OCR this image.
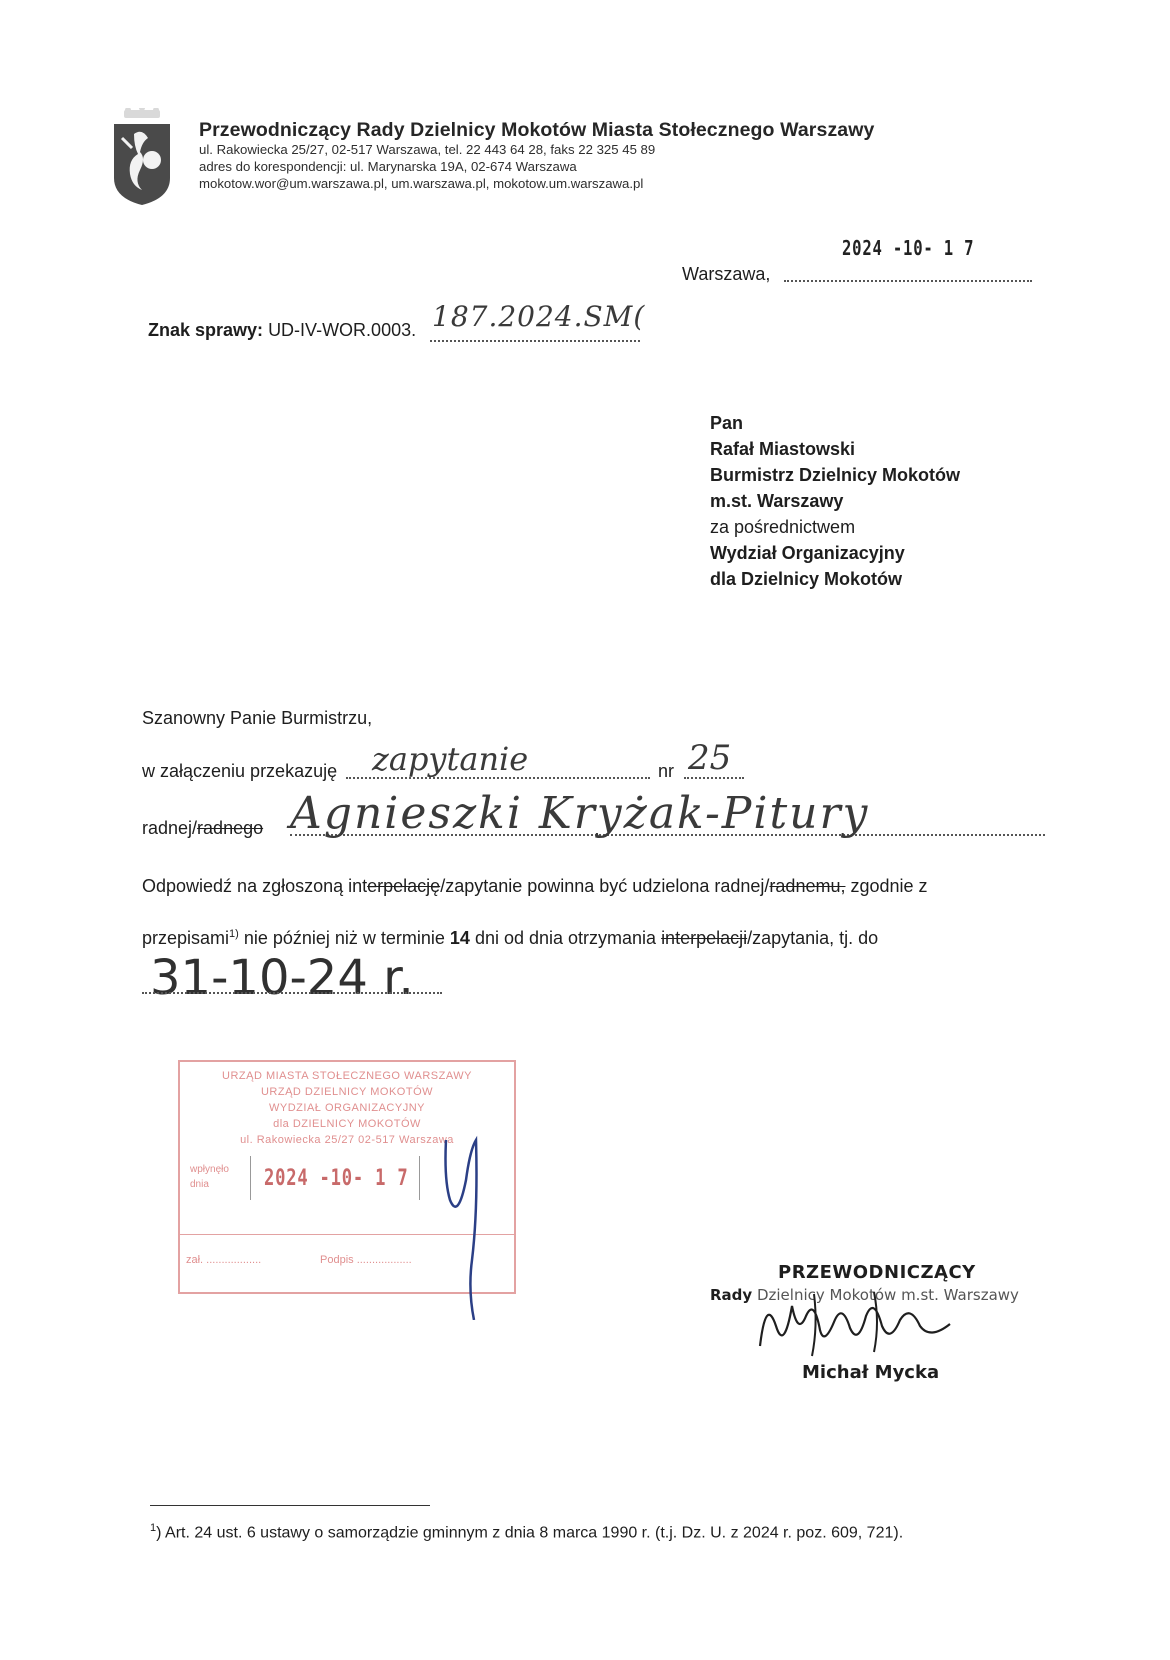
Przewodniczący Rady Dzielnicy Mokotów Miasta Stołecznego Warszawy
ul. Rakowiecka 25/27, 02-517 Warszawa, tel. 22 443 64 28, faks 22 325 45 89
adres do korespondencji: ul. Marynarska 19A, 02-674 Warszawa
mokotow.wor@um.warszawa.pl, um.warszawa.pl, mokotow.um.warszawa.pl
2024 -10- 1 7
Warszawa,
Znak sprawy: UD-IV-WOR.0003. 187.2024.SM(
Pan
Rafał Miastowski
Burmistrz Dzielnicy Mokotów
m.st. Warszawy
za pośrednictwem
Wydział Organizacyjny
dla Dzielnicy Mokotów
Szanowny Panie Burmistrzu,
w załączeniu przekazuję zapytanie	nr 25
radnej/radnego Agnieszki Kryżak-Pitury
Odpowiedź na zgłoszoną interpelację/zapytanie powinna być udzielona radnej/radnemu, zgodnie z
przepisami$^{1)}$ nie później niż w terminie 14 dni od dnia otrzymania interpelacji/zapytania, tj. do
31-10-24 r.
URZĄD MIASTA STOŁECZNEGO WARSZAWY
URZĄD DZIELNICY MOKOTÓW
WYDZIAŁ ORGANIZACYJNY
dla DZIELNICY MOKOTÓW
ul. Rakowiecka 25/27 02-517 Warszawa
wpłynęło dnia	2024 -10- 1 7
zał. ..................	Podpis ..................
PRZEWODNICZĄCY
Rady Dzielnicy Mokotów m.st. Warszawy
Michał Mycka
$^1$) Art. 24 ust. 6 ustawy o samorządzie gminnym z dnia 8 marca 1990 r. (t.j. Dz. U. z 2024 r. poz. 609, 721).
